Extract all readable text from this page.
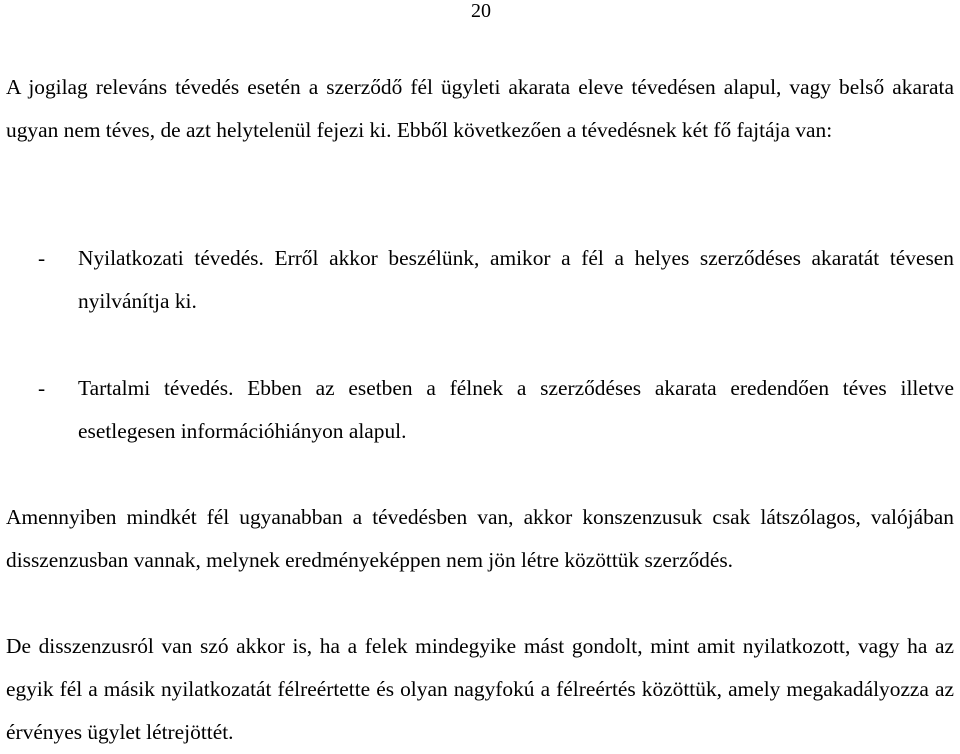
20

A jogilag releváns tévedés esetén a szerződő fél ügyleti akarata eleve tévedésen alapul, vagy belső akarata ugyan nem téves, de azt helytelenül fejezi ki. Ebből következően a tévedésnek két fő fajtája van:

- Nyilatkozati tévedés. Erről akkor beszélünk, amikor a fél a helyes szerződéses akaratát tévesen nyilvánítja ki.
- Tartalmi tévedés. Ebben az esetben a félnek a szerződéses akarata eredendően téves illetve esetlegesen információhiányon alapul.

Amennyiben mindkét fél ugyanabban a tévedésben van, akkor konszenzusuk csak látszólagos, valójában disszenzusban vannak, melynek eredményeképpen nem jön létre közöttük szerződés.

De disszenzusról van szó akkor is, ha a felek mindegyike mást gondolt, mint amit nyilatkozott, vagy ha az egyik fél a másik nyilatkozatát félreértette és olyan nagyfokú a félreértés közöttük, amely megakadályozza az érvényes ügylet létrejöttét.
